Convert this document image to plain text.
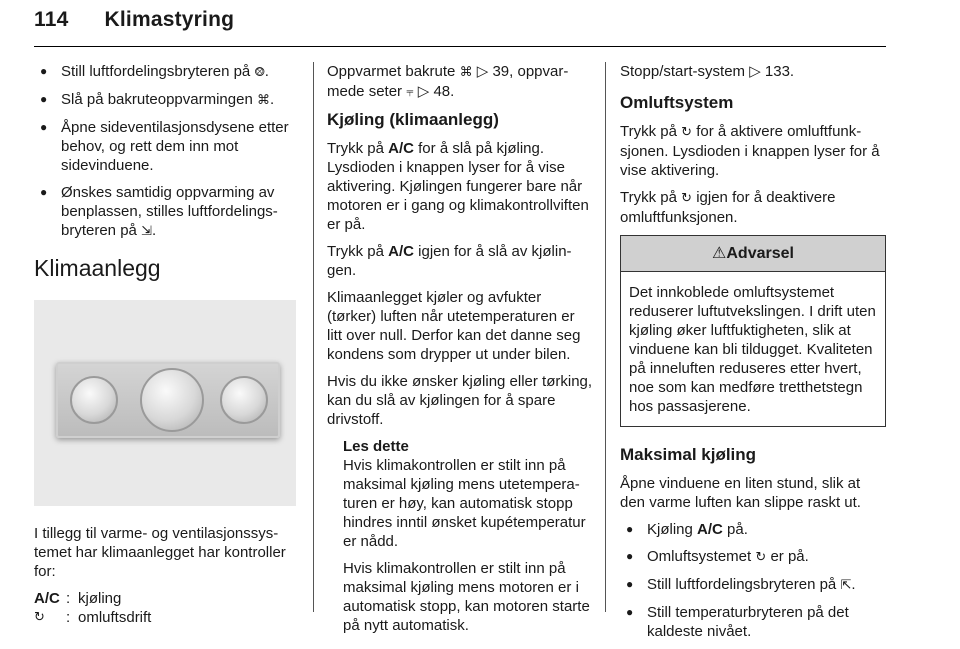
114 Klimastyring
● Still luftfordelingsbryteren på ⨷.
● Slå på bakruteoppvarmingen ⌘.
● Åpne sideventilasjonsdysene etter behov, og rett dem inn mot sidevinduene.
● Ønskes samtidig oppvarming av benplassen, stilles luftfordelingsbryteren på ⇲.
Klimaanlegg

I tillegg til varme- og ventilasjonssystemet har klimaanlegget har kontroller for:

A/C : kjøling
↻	: omluftsdrift

Oppvarmet bakrute ⌘ ▷ 39, oppvarmede seter ⫧ ▷ 48.

Kjøling (klimaanlegg)

Trykk på A/C for å slå på kjøling. Lysdioden i knappen lyser for å vise aktivering. Kjølingen fungerer bare når motoren er i gang og klimakontrollviften er på.

Trykk på A/C igjen for å slå av kjølingen.

Klimaanlegget kjøler og avfukter (tørker) luften når utetemperaturen er litt over null. Derfor kan det danne seg kondens som drypper ut under bilen.

Hvis du ikke ønsker kjøling eller tørking, kan du slå av kjølingen for å spare drivstoff.

Les dette

Hvis klimakontrollen er stilt inn på maksimal kjøling mens utetemperaturen er høy, kan automatisk stopp hindres inntil ønsket kupétemperatur er nådd.

Hvis klimakontrollen er stilt inn på maksimal kjøling mens motoren er i automatisk stopp, kan motoren starte på nytt automatisk.

Stopp/start-system ▷ 133.

Omluftsystem

Trykk på ↻ for å aktivere omluftfunksjonen. Lysdioden i knappen lyser for å vise aktivering.

Trykk på ↻ igjen for å deaktivere omluftfunksjonen.

⚠Advarsel
Det innkoblede omluftsystemet reduserer luftutvekslingen. I drift uten kjøling øker luftfuktigheten, slik at vinduene kan bli tildugget. Kvaliteten på inneluften reduseres etter hvert, noe som kan medføre tretthetstegn hos passasjerene.
Maksimal kjøling

Åpne vinduene en liten stund, slik at den varme luften kan slippe raskt ut.

● Kjøling A/C på.
● Omluftsystemet ↻ er på.
● Still luftfordelingsbryteren på ⇱.
● Still temperaturbryteren på det kaldeste nivået.
